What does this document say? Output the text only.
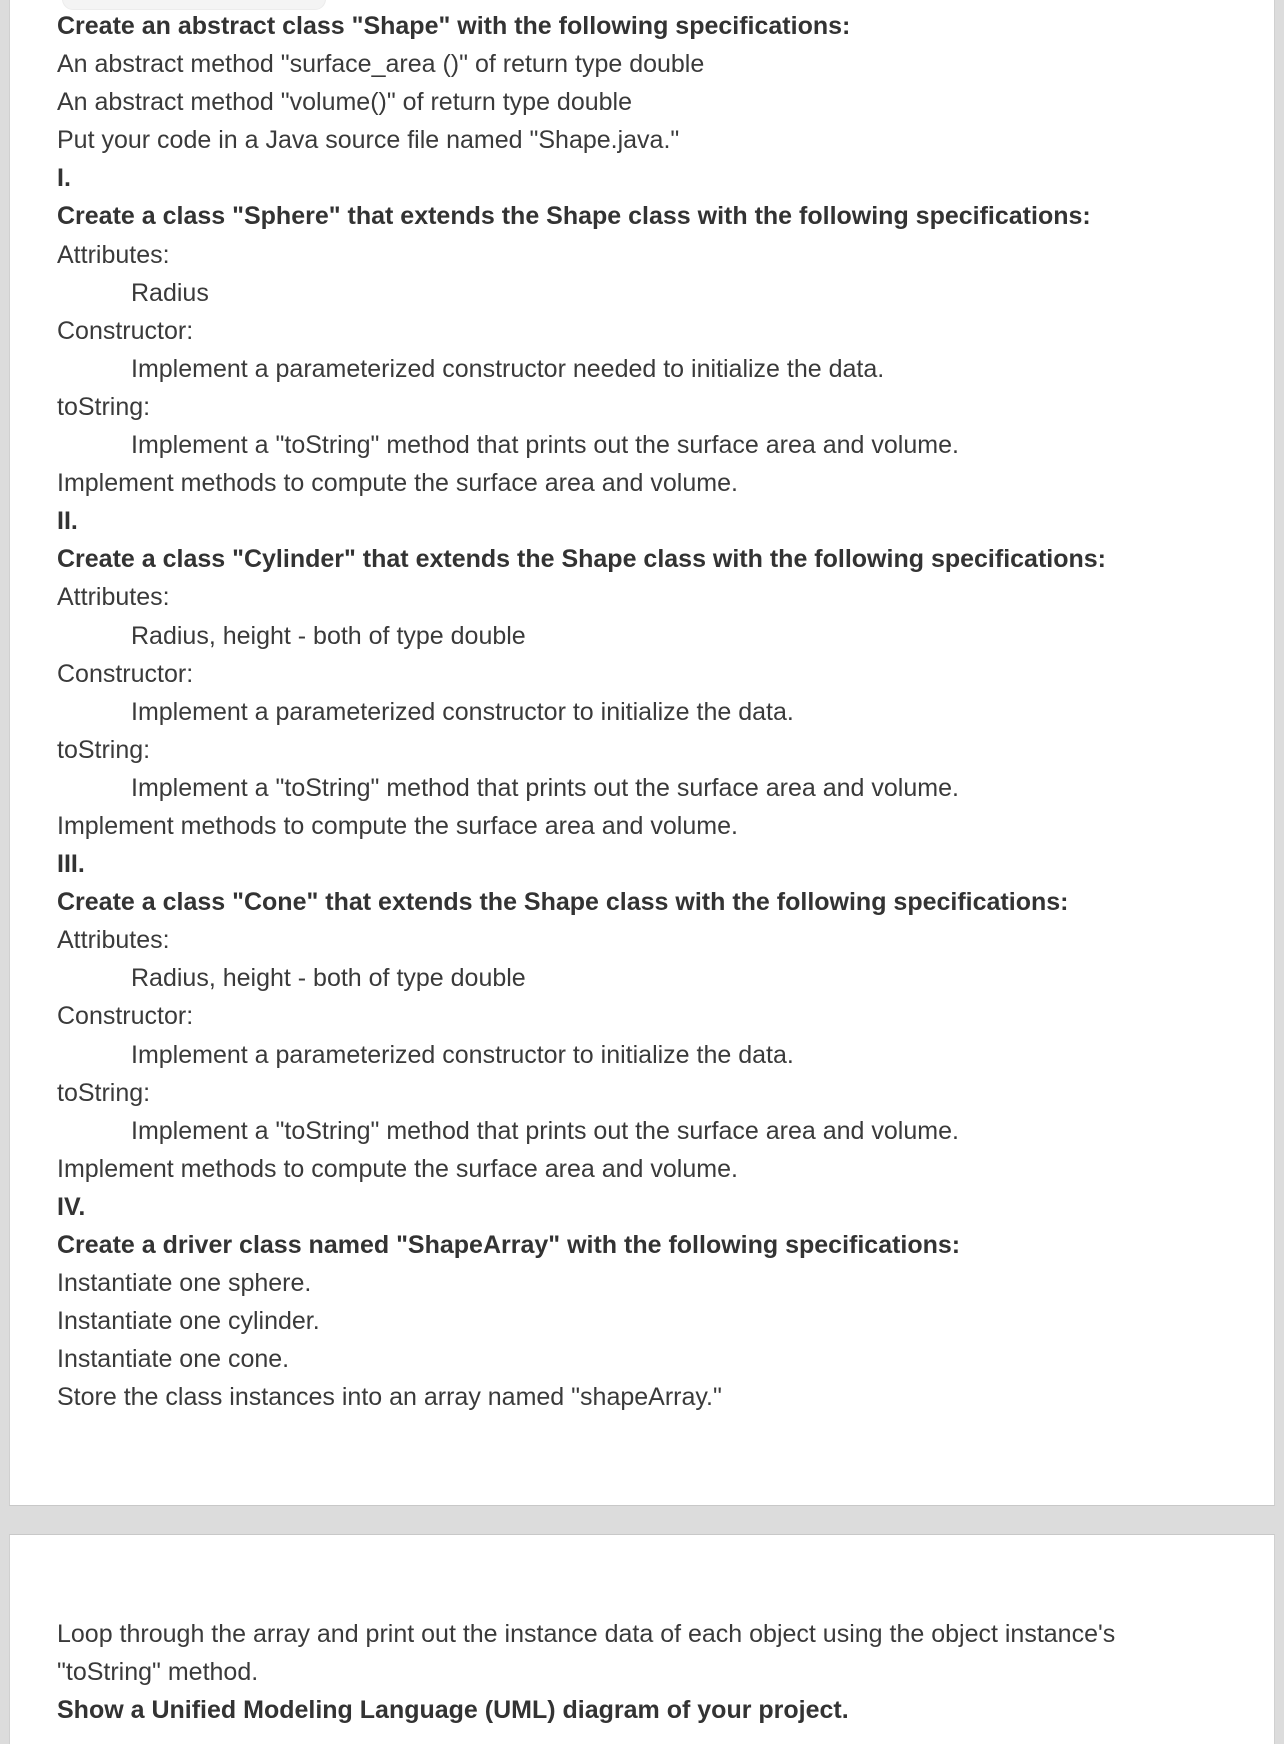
Create an abstract class "Shape" with the following specifications:
An abstract method "surface_area ()" of return type double
An abstract method "volume()" of return type double
Put your code in a Java source file named "Shape.java."
I.
Create a class "Sphere" that extends the Shape class with the following specifications:
Attributes:
Radius
Constructor:
Implement a parameterized constructor needed to initialize the data.
toString:
Implement a "toString" method that prints out the surface area and volume.
Implement methods to compute the surface area and volume.
II.
Create a class "Cylinder" that extends the Shape class with the following specifications:
Attributes:
Radius, height - both of type double
Constructor:
Implement a parameterized constructor to initialize the data.
toString:
Implement a "toString" method that prints out the surface area and volume.
Implement methods to compute the surface area and volume.
III.
Create a class "Cone" that extends the Shape class with the following specifications:
Attributes:
Radius, height - both of type double
Constructor:
Implement a parameterized constructor to initialize the data.
toString:
Implement a "toString" method that prints out the surface area and volume.
Implement methods to compute the surface area and volume.
IV.
Create a driver class named "ShapeArray" with the following specifications:
Instantiate one sphere.
Instantiate one cylinder.
Instantiate one cone.
Store the class instances into an array named "shapeArray."
Loop through the array and print out the instance data of each object using the object instance's
"toString" method.
Show a Unified Modeling Language (UML) diagram of your project.
